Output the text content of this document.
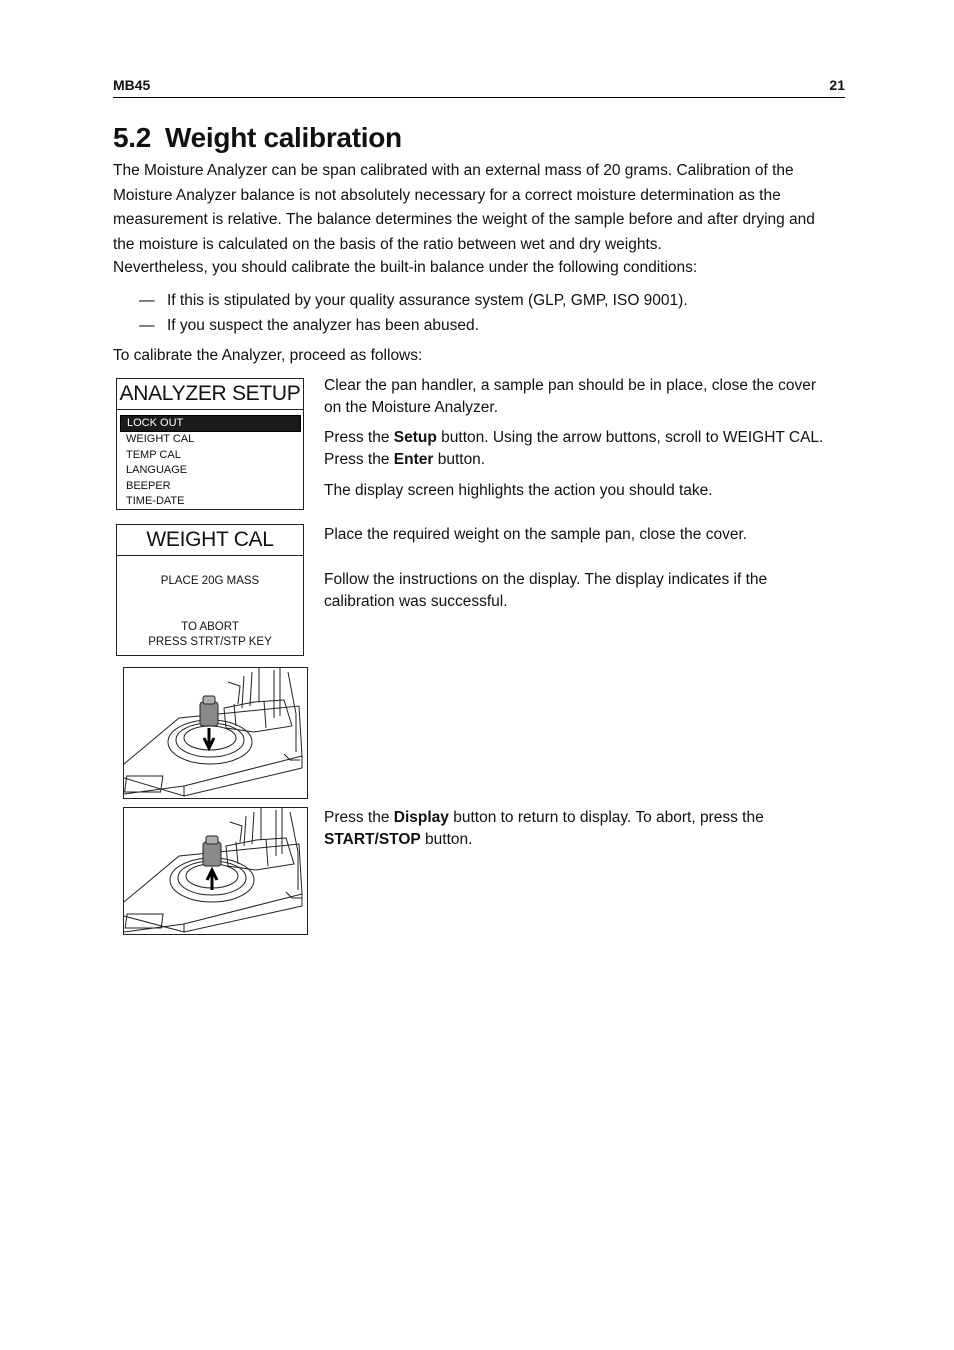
MB45	21
5.2 Weight calibration
The Moisture Analyzer can be span calibrated with an external mass of 20 grams. Calibration of the Moisture Analyzer balance is not absolutely necessary for a correct moisture determination as the measurement is relative. The balance determines the weight of the sample before and after drying and the moisture is calculated on the basis of the ratio between wet and dry weights.
Nevertheless, you should calibrate the built-in balance under the following conditions:
— If this is stipulated by your quality assurance system (GLP, GMP, ISO 9001).
— If you suspect the analyzer has been abused.
To calibrate the Analyzer, proceed as follows:
ANALYZER SETUP
LOCK OUT
WEIGHT CAL
TEMP CAL
LANGUAGE
BEEPER
TIME-DATE
WEIGHT CAL
PLACE 20G MASS
TO ABORT
PRESS STRT/STP KEY

Clear the pan handler, a sample pan should be in place, close the cover on the Moisture Analyzer.

Press the Setup button. Using the arrow buttons, scroll to WEIGHT CAL. Press the Enter button.

The display screen highlights the action you should take.

Place the required weight on the sample pan, close the cover.

Follow the instructions on the display. The display indicates if the calibration was successful.

Press the Display button to return to display. To abort, press the START/STOP button.
